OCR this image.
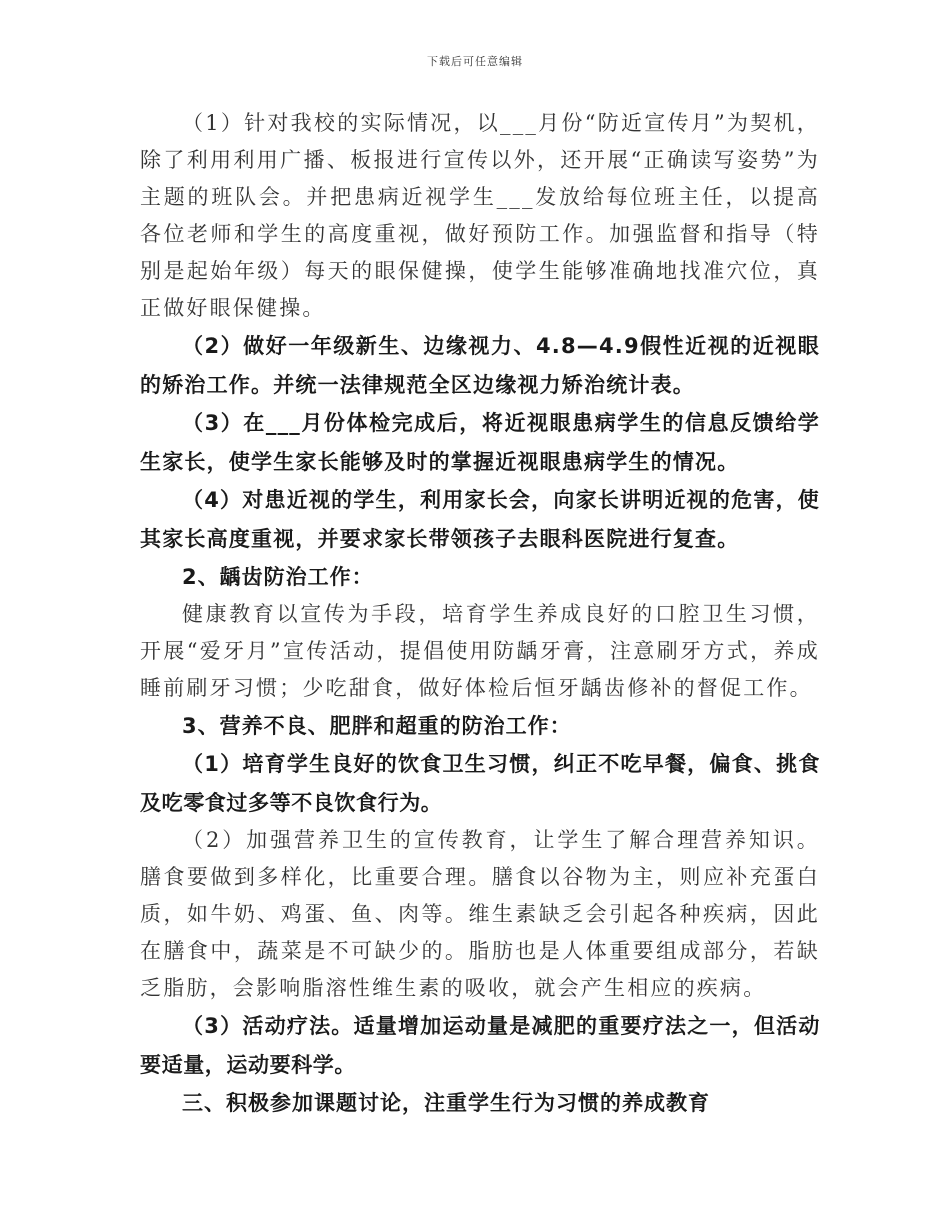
下载后可任意编辑

（1）针对我校的实际情况，以___月份“防近宣传月”为契机，除了利用利用广播、板报进行宣传以外，还开展“正确读写姿势”为主题的班队会。并把患病近视学生___发放给每位班主任，以提高各位老师和学生的高度重视，做好预防工作。加强监督和指导（特别是起始年级）每天的眼保健操，使学生能够准确地找准穴位，真正做好眼保健操。

（2）做好一年级新生、边缘视力、4.8—4.9假性近视的近视眼的矫治工作。并统一法律规范全区边缘视力矫治统计表。

（3）在___月份体检完成后，将近视眼患病学生的信息反馈给学生家长，使学生家长能够及时的掌握近视眼患病学生的情况。

（4）对患近视的学生，利用家长会，向家长讲明近视的危害，使其家长高度重视，并要求家长带领孩子去眼科医院进行复查。

2、龋齿防治工作：

健康教育以宣传为手段，培育学生养成良好的口腔卫生习惯，开展“爱牙月”宣传活动，提倡使用防龋牙膏，注意刷牙方式，养成睡前刷牙习惯；少吃甜食，做好体检后恒牙龋齿修补的督促工作。

3、营养不良、肥胖和超重的防治工作：

（1）培育学生良好的饮食卫生习惯，纠正不吃早餐，偏食、挑食及吃零食过多等不良饮食行为。

（2）加强营养卫生的宣传教育，让学生了解合理营养知识。膳食要做到多样化，比重要合理。膳食以谷物为主，则应补充蛋白质，如牛奶、鸡蛋、鱼、肉等。维生素缺乏会引起各种疾病，因此在膳食中，蔬菜是不可缺少的。脂肪也是人体重要组成部分，若缺乏脂肪，会影响脂溶性维生素的吸收，就会产生相应的疾病。

（3）活动疗法。适量增加运动量是减肥的重要疗法之一，但活动要适量，运动要科学。

三、积极参加课题讨论，注重学生行为习惯的养成教育
